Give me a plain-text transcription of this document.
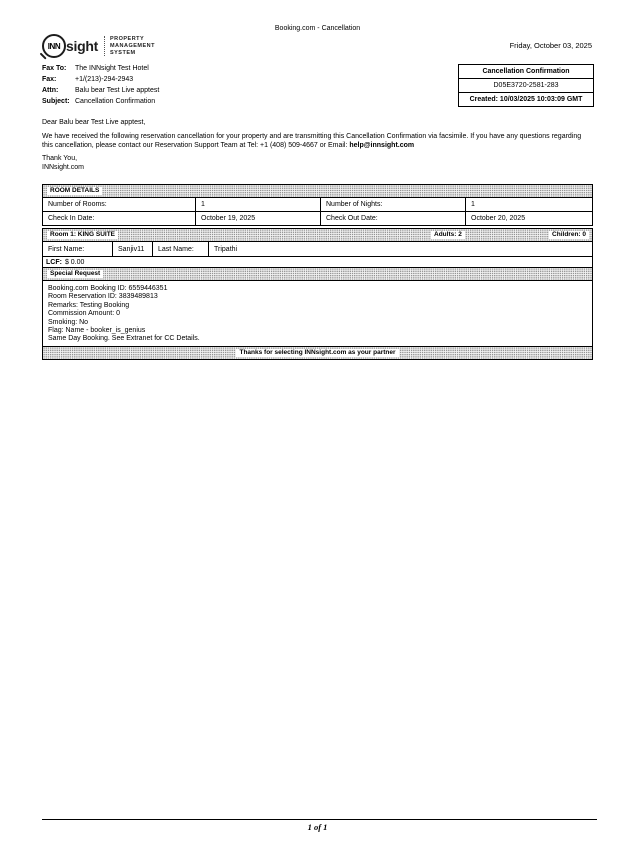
Booking.com - Cancellation
INN sight PROPERTY
MANAGEMENT
SYSTEM
Friday, October 03, 2025
Fax To: The INNsight Test Hotel
Fax:	+1/(213)-294-2943
Attn: Balu bear Test Live apptest
Subject: Cancellation Confirmation
Cancellation Confirmation
D05E3720-2581-283
Created: 10/03/2025 10:03:09 GMT
Dear Balu bear Test Live apptest,
We have received the following reservation cancellation for your property and are transmitting this Cancellation Confirmation via facsimile. If you have any questions regarding this cancellation, please contact our Reservation Support Team at Tel: +1 (408) 509-4667 or Email: help@innsight.com
Thank You,
INNsight.com
ROOM DETAILS
Number of Rooms:	1	Number of Nights:	1
Check In Date:	October 19, 2025	Check Out Date:	October 20, 2025
Room 1: KING SUITE	Adults: 2	Children: 0
First Name:	Sanjiv11	Last Name:	Tripathi
LCF: $ 0.00
Special Request
Booking.com Booking ID: 6559446351
Room Reservation ID: 3839489813
Remarks: Testing Booking
Commission Amount: 0
Smoking: No
Flag: Name - booker_is_genius
Same Day Booking. See Extranet for CC Details.
Thanks for selecting INNsight.com as your partner
1 of 1
